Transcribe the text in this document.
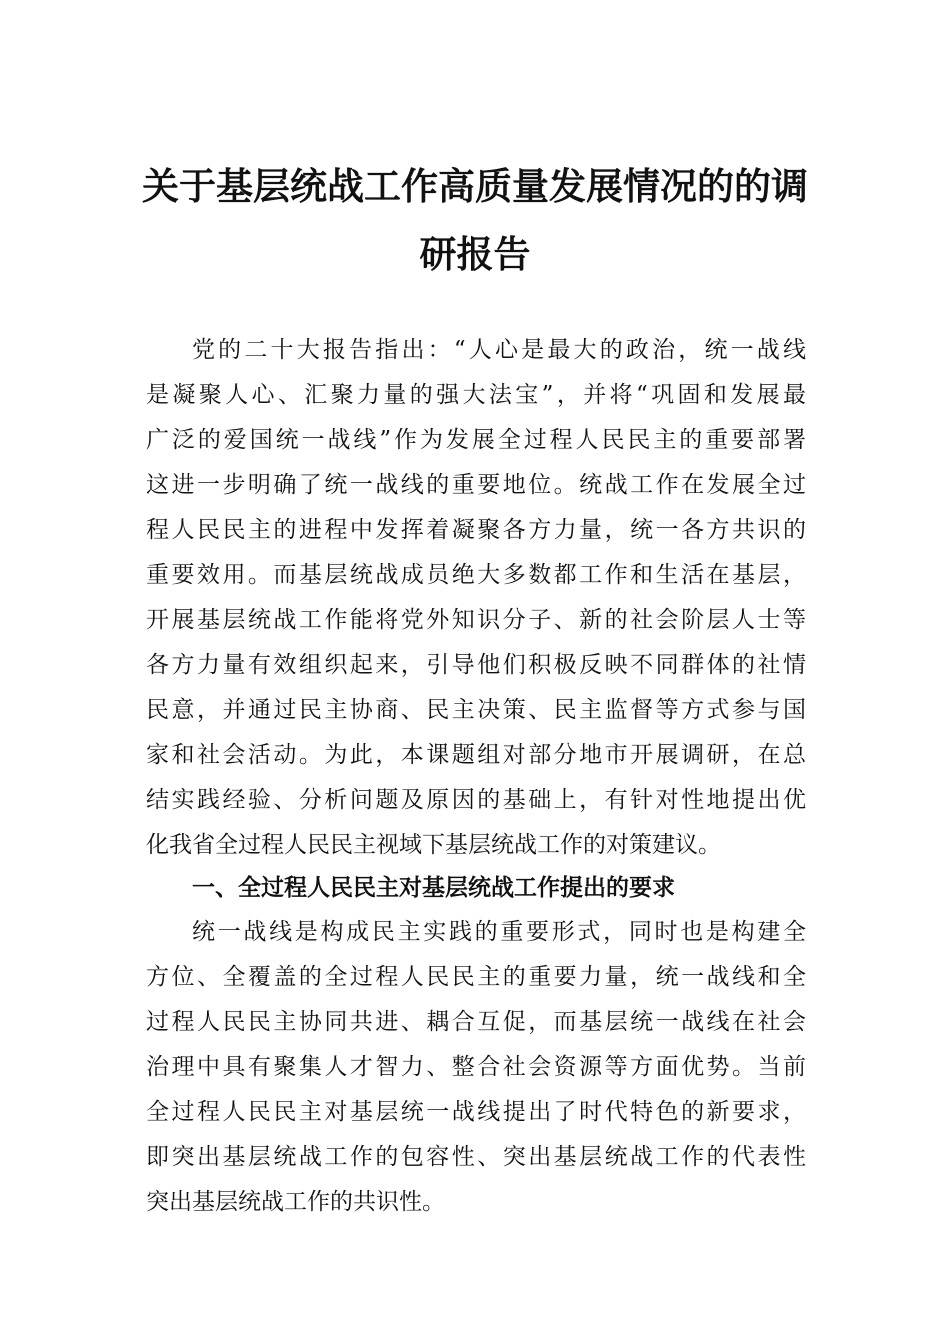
关于基层统战工作高质量发展情况的的调
研报告

党的二十大报告指出：“人心是最大的政治，统一战线

是凝聚人心、汇聚力量的强大法宝”，并将“巩固和发展最

广泛的爱国统一战线”作为发展全过程人民民主的重要部署

这进一步明确了统一战线的重要地位。统战工作在发展全过

程人民民主的进程中发挥着凝聚各方力量，统一各方共识的

重要效用。而基层统战成员绝大多数都工作和生活在基层，

开展基层统战工作能将党外知识分子、新的社会阶层人士等

各方力量有效组织起来，引导他们积极反映不同群体的社情

民意，并通过民主协商、民主决策、民主监督等方式参与国

家和社会活动。为此，本课题组对部分地市开展调研，在总

结实践经验、分析问题及原因的基础上，有针对性地提出优

化我省全过程人民民主视域下基层统战工作的对策建议。

一、全过程人民民主对基层统战工作提出的要求

统一战线是构成民主实践的重要形式，同时也是构建全

方位、全覆盖的全过程人民民主的重要力量，统一战线和全

过程人民民主协同共进、耦合互促，而基层统一战线在社会

治理中具有聚集人才智力、整合社会资源等方面优势。当前

全过程人民民主对基层统一战线提出了时代特色的新要求，

即突出基层统战工作的包容性、突出基层统战工作的代表性

突出基层统战工作的共识性。
